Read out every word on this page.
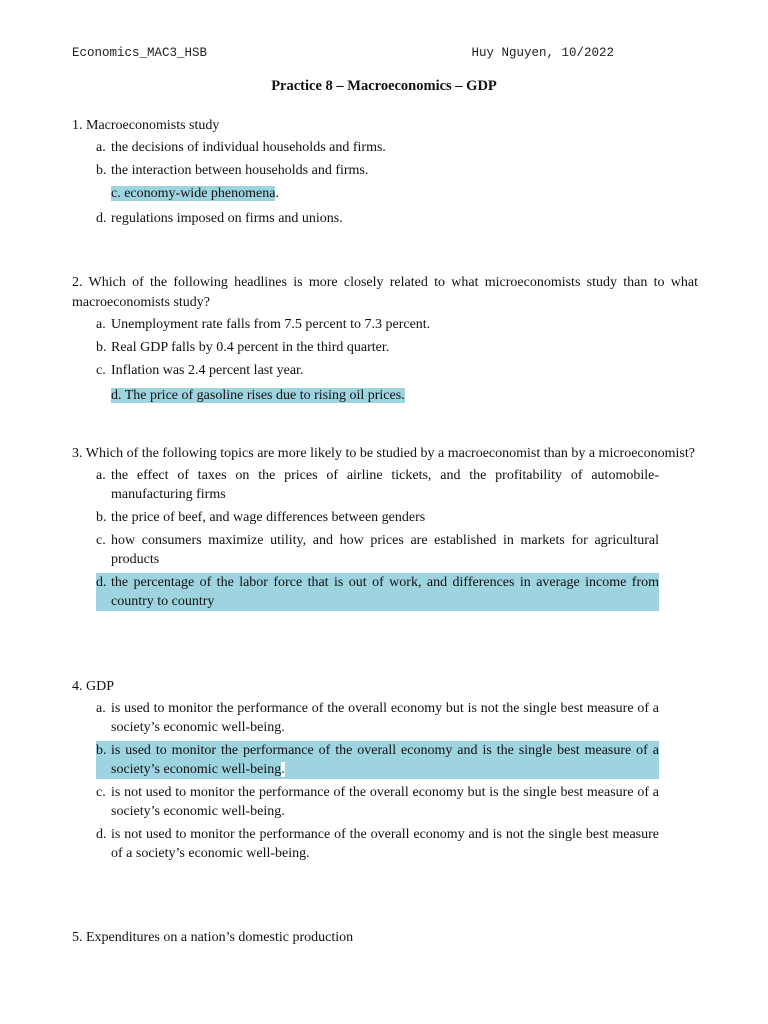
Economics_MAC3_HSB	Huy Nguyen, 10/2022
Practice 8 – Macroeconomics – GDP
1. Macroeconomists study
a. the decisions of individual households and firms.
b. the interaction between households and firms.
c. economy-wide phenomena.
d. regulations imposed on firms and unions.
2. Which of the following headlines is more closely related to what microeconomists study than to what macroeconomists study?
a. Unemployment rate falls from 7.5 percent to 7.3 percent.
b. Real GDP falls by 0.4 percent in the third quarter.
c. Inflation was 2.4 percent last year.
d. The price of gasoline rises due to rising oil prices.
3. Which of the following topics are more likely to be studied by a macroeconomist than by a microeconomist?
a. the effect of taxes on the prices of airline tickets, and the profitability of automobile-manufacturing firms
b. the price of beef, and wage differences between genders
c. how consumers maximize utility, and how prices are established in markets for agricultural products
d. the percentage of the labor force that is out of work, and differences in average income from country to country
4. GDP
a. is used to monitor the performance of the overall economy but is not the single best measure of a society’s economic well-being.
b. is used to monitor the performance of the overall economy and is the single best measure of a society’s economic well-being.
c. is not used to monitor the performance of the overall economy but is the single best measure of a society’s economic well-being.
d. is not used to monitor the performance of the overall economy and is not the single best measure of a society’s economic well-being.
5. Expenditures on a nation’s domestic production
